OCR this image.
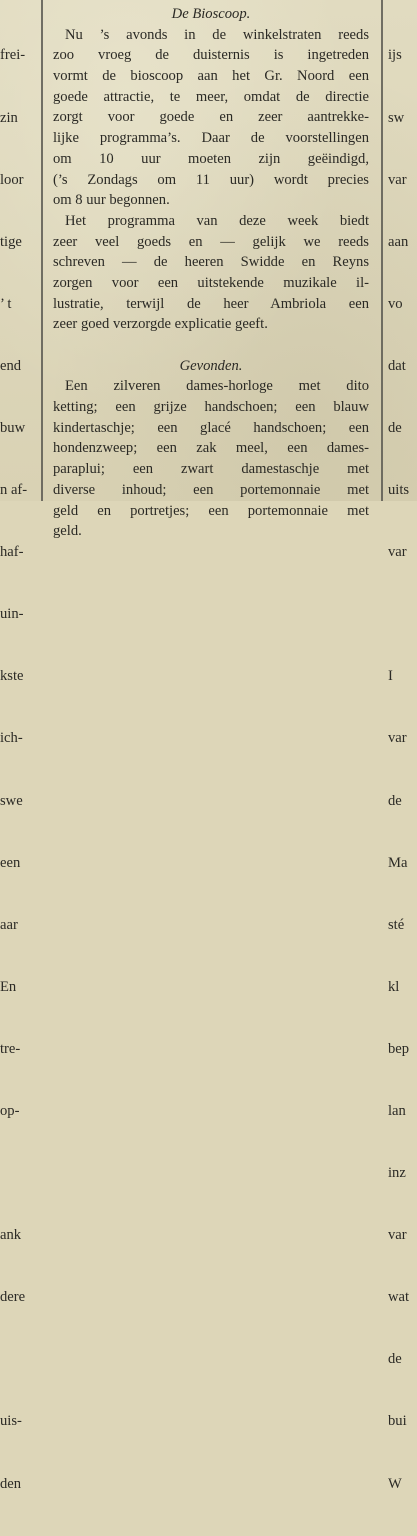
frei-

zin

loor

tige

’ t

end

buw

n af-

haf-

uin-

kste

ich-

swe

een

aar

En

tre-

op-

ank

dere

uis-

den

De Bioscoop.
Nu ’s avonds in de winkelstraten reeds
zoo vroeg de duisternis is ingetreden
vormt de bioscoop aan het Gr. Noord een
goede attractie, te meer, omdat de directie
zorgt voor goede en zeer aantrekke-
lijke programma’s. Daar de voorstellingen
om 10 uur moeten zijn geëindigd,
(’s Zondags om 11 uur) wordt precies
om 8 uur begonnen.
Het programma van deze week biedt
zeer veel goeds en — gelijk we reeds
schreven — de heeren Swidde en Reyns
zorgen voor een uitstekende muzikale il-
lustratie, terwijl de heer Ambriola een
zeer goed verzorgde explicatie geeft.
Gevonden.
Een zilveren dames-horloge met dito
ketting; een grijze handschoen; een blauw
kindertaschje; een glacé handschoen; een
hondenzweep; een zak meel, een dames-
paraplui; een zwart damestaschje met
diverse inhoud; een portemonnaie met
geld en portretjes; een portemonnaie met
geld.

ijs

sw

var

aan

vo

dat

de

uits

var

I

var

de

Ma

sté

kl

bep

lan

inz

var

wat

de

bui

W
